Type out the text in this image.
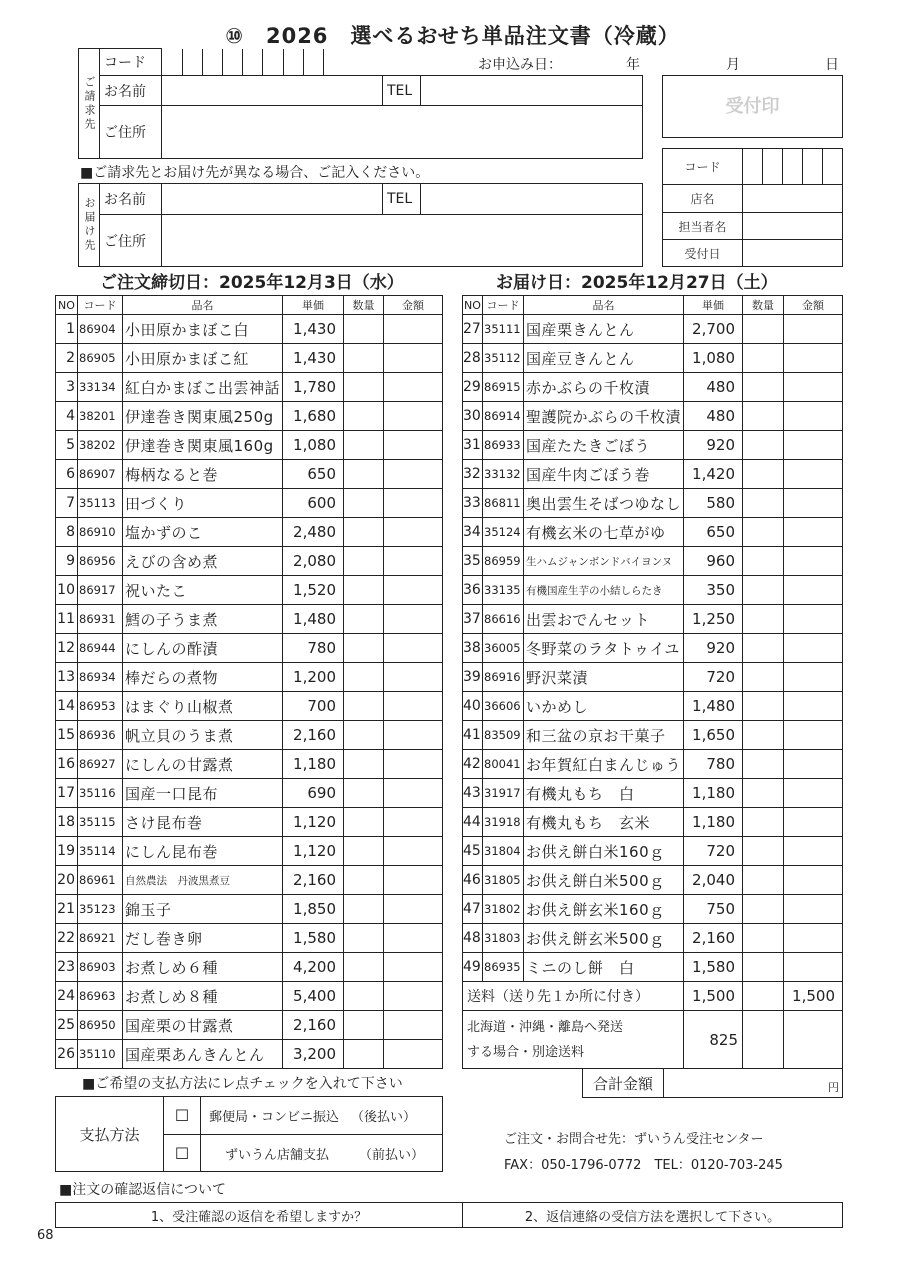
⑩ 2026 選べるおせち単品注文書（冷蔵）
ご請求先	コード	

お名前		TEL	
ご住所	
お申込み日：	年	月	日
受付印
■ご請求先とお届け先が異なる場合、ご記入ください。
お届け先	お名前		TEL	
	ご住所			
コード					
店名					
担当者名					
受付日					
ご注文締切日：2025年12月3日（水）	お届け日：2025年12月27日（土）
NO	コード	品名	単価	数量	金額
1	86904	小田原かまぼこ白	1,430		
2	86905	小田原かまぼこ紅	1,430		
3	33134	紅白かまぼこ出雲神話	1,780		
4	38201	伊達巻き関東風250g	1,680		
5	38202	伊達巻き関東風160g	1,080		
6	86907	梅柄なると巻	650		
7	35113	田づくり	600		
8	86910	塩かずのこ	2,480		
9	86956	えびの含め煮	2,080		
10	86917	祝いたこ	1,520		
11	86931	鱈の子うま煮	1,480		
12	86944	にしんの酢漬	780		
13	86934	棒だらの煮物	1,200		
14	86953	はまぐり山椒煮	700		
15	86936	帆立貝のうま煮	2,160		
16	86927	にしんの甘露煮	1,180		
17	35116	国産一口昆布	690		
18	35115	さけ昆布巻	1,120		
19	35114	にしん昆布巻	1,120		
20	86961	自然農法　丹波黒煮豆	2,160		
21	35123	錦玉子	1,850		
22	86921	だし巻き卵	1,580		
23	86903	お煮しめ６種	4,200		
24	86963	お煮しめ８種	5,400		
25	86950	国産栗の甘露煮	2,160		
26	35110	国産栗あんきんとん	3,200		
NO	コード	品名	単価	数量	金額
27	35111	国産栗きんとん	2,700		
28	35112	国産豆きんとん	1,080		
29	86915	赤かぶらの千枚漬	480		
30	86914	聖護院かぶらの千枚漬	480		
31	86933	国産たたきごぼう	920		
32	33132	国産牛肉ごぼう巻	1,420		
33	86811	奥出雲生そばつゆなし	580		
34	35124	有機玄米の七草がゆ	650		
35	86959	生ハムジャンボンドバイヨンヌ	960		
36	33135	有機国産生芋の小結しらたき	350		
37	86616	出雲おでんセット	1,250		
38	36005	冬野菜のラタトゥイユ	920		
39	86916	野沢菜漬	720		
40	36606	いかめし	1,480		
41	83509	和三盆の京お干菓子	1,650		
42	80041	お年賀紅白まんじゅう	780		
43	31917	有機丸もち　白	1,180		
44	31918	有機丸もち　玄米	1,180		
45	31804	お供え餅白米160ｇ	720		
46	31805	お供え餅白米500ｇ	2,040		
47	31802	お供え餅玄米160ｇ	750		
48	31803	お供え餅玄米500ｇ	2,160		
49	86935	ミニのし餅　白	1,580		
送料（送り先１か所に付き）			1,500		1,500

北海道・沖縄・離島へ発送
する場合・別途送料			825		
合計金額	円
■ご希望の支払方法にレ点チェックを入れて下さい
支払方法	☐	郵便局・コンビニ振込 （後払い）
	☐	ずいうん店舗支払 （前払い）
ご注文・お問合せ先：ずいうん受注センター
FAX：050-1796-0772　TEL：0120-703-245
■注文の確認返信について
1、受注確認の返信を希望しますか？	2、返信連絡の受信方法を選択して下さい。
68
